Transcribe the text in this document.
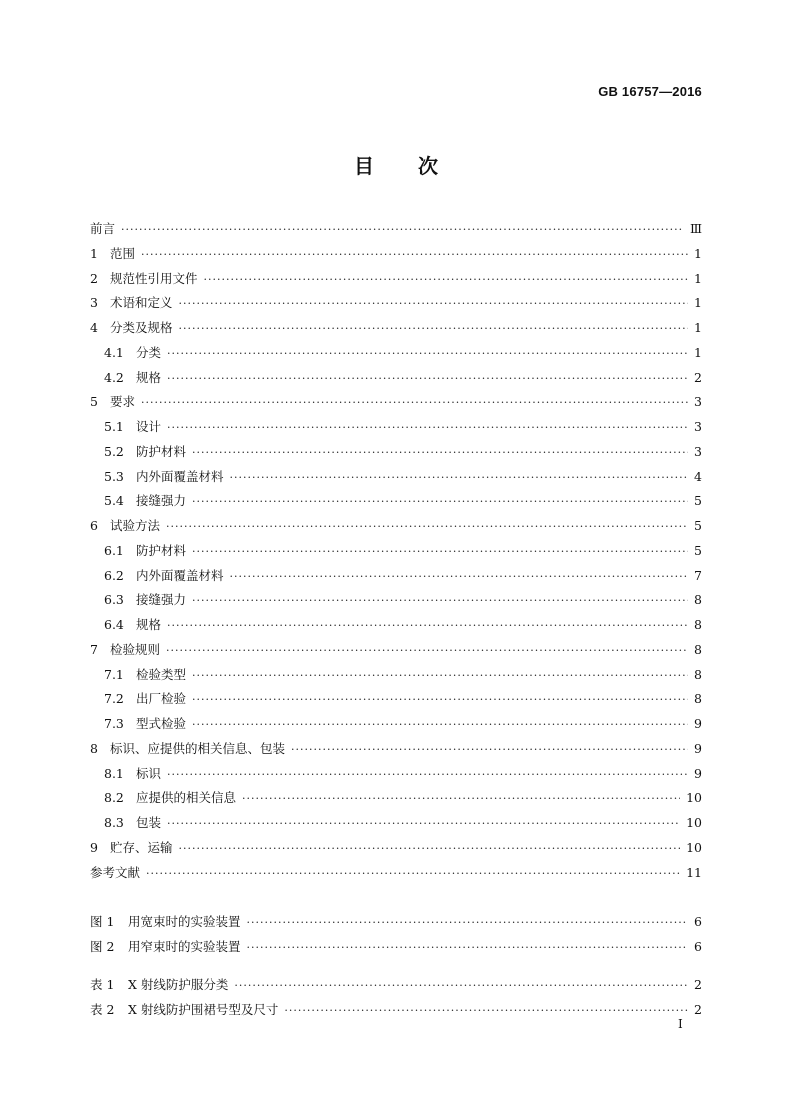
GB 16757—2016
目次
前言 ·····	Ⅲ
1 范围 ·····	1
2 规范性引用文件 ·····	1
3 术语和定义 ·····	1
4 分类及规格 ·····	1
4.1 分类 ·····	1
4.2 规格 ·····	2
5 要求 ·····	3
5.1 设计 ·····	3
5.2 防护材料 ·····	3
5.3 内外面覆盖材料 ·····	4
5.4 接缝强力 ·····	5
6 试验方法 ·····	5
6.1 防护材料 ·····	5
6.2 内外面覆盖材料 ·····	7
6.3 接缝强力 ·····	8
6.4 规格 ·····	8
7 检验规则 ·····	8
7.1 检验类型 ·····	8
7.2 出厂检验 ·····	8
7.3 型式检验 ·····	9
8 标识、应提供的相关信息、包装 ·····	9
8.1 标识 ·····	9
8.2 应提供的相关信息 ·····	10
8.3 包装 ·····	10
9 贮存、运输 ·····	10
参考文献 ·····	11
图 1	用宽束时的实验装置 ·····	6
图 2	用窄束时的实验装置 ·····	6
表 1	X 射线防护服分类 ·····	2
表 2	X 射线防护围裙号型及尺寸 ·····	2
I
